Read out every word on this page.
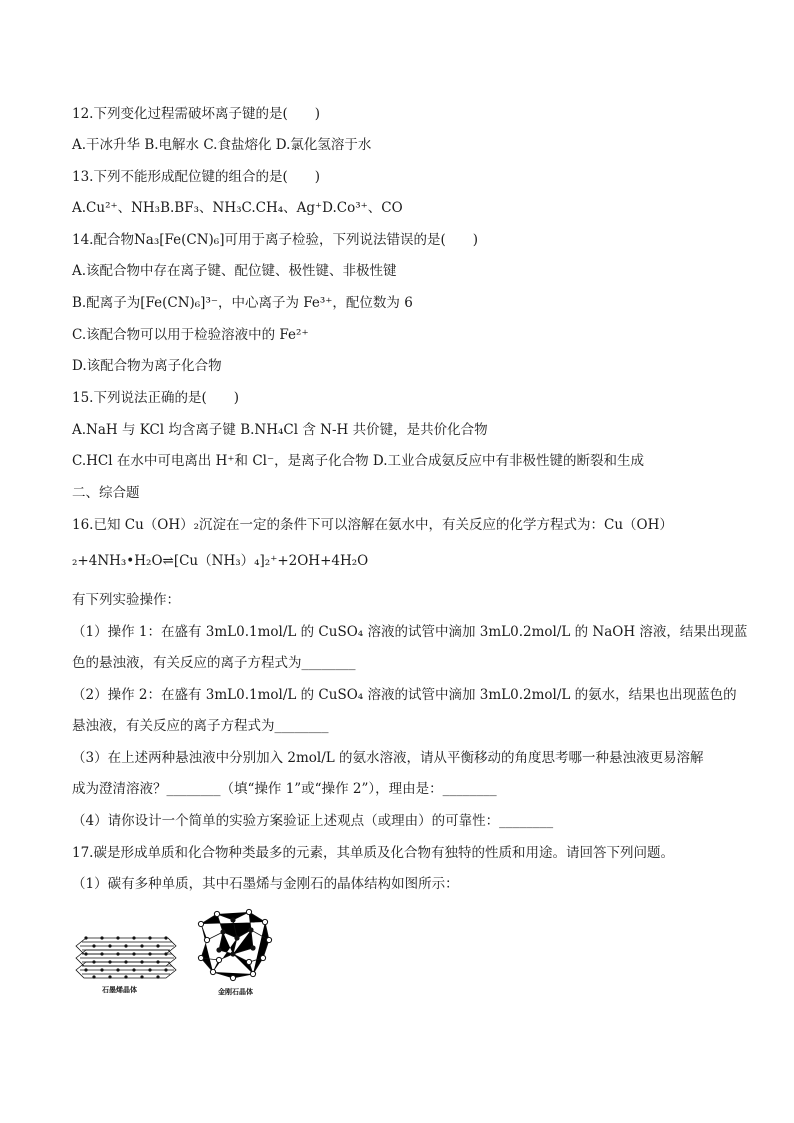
12.下列变化过程需破坏离子键的是(　　)
A.干冰升华 B.电解水 C.食盐熔化 D.氯化氢溶于水
13.下列不能形成配位键的组合的是(　　)
A.Cu²⁺、NH₃B.BF₃、NH₃C.CH₄、Ag⁺D.Co³⁺、CO
14.配合物Na₃[Fe(CN)₆]可用于离子检验，下列说法错误的是(　　)
A.该配合物中存在离子键、配位键、极性键、非极性键
B.配离子为[Fe(CN)₆]³⁻，中心离子为 Fe³⁺，配位数为 6
C.该配合物可以用于检验溶液中的 Fe²⁺
D.该配合物为离子化合物
15.下列说法正确的是(　　)
A.NaH 与 KCl 均含离子键 B.NH₄Cl 含 N-H 共价键，是共价化合物
C.HCl 在水中可电离出 H⁺和 Cl⁻，是离子化合物 D.工业合成氨反应中有非极性键的断裂和生成
二、综合题
16.已知 Cu（OH）₂沉淀在一定的条件下可以溶解在氨水中，有关反应的化学方程式为：Cu（OH）
₂+4NH₃•H₂O⇌[Cu（NH₃）₄]₂⁺+2OH+4H₂O
有下列实验操作：
（1）操作 1：在盛有 3mL0.1mol/L 的 CuSO₄ 溶液的试管中滴加 3mL0.2mol/L 的 NaOH 溶液，结果出现蓝
色的悬浊液，有关反应的离子方程式为________
（2）操作 2：在盛有 3mL0.1mol/L 的 CuSO₄ 溶液的试管中滴加 3mL0.2mol/L 的氨水，结果也出现蓝色的
悬浊液，有关反应的离子方程式为________
（3）在上述两种悬浊液中分别加入 2mol/L 的氨水溶液，请从平衡移动的角度思考哪一种悬浊液更易溶解
成为澄清溶液？________（填“操作 1”或“操作 2”），理由是：________
（4）请你设计一个简单的实验方案验证上述观点（或理由）的可靠性：________
17.碳是形成单质和化合物种类最多的元素，其单质及化合物有独特的性质和用途。请回答下列问题。
（1）碳有多种单质，其中石墨烯与金刚石的晶体结构如图所示：
石墨烯晶体	金刚石晶体
